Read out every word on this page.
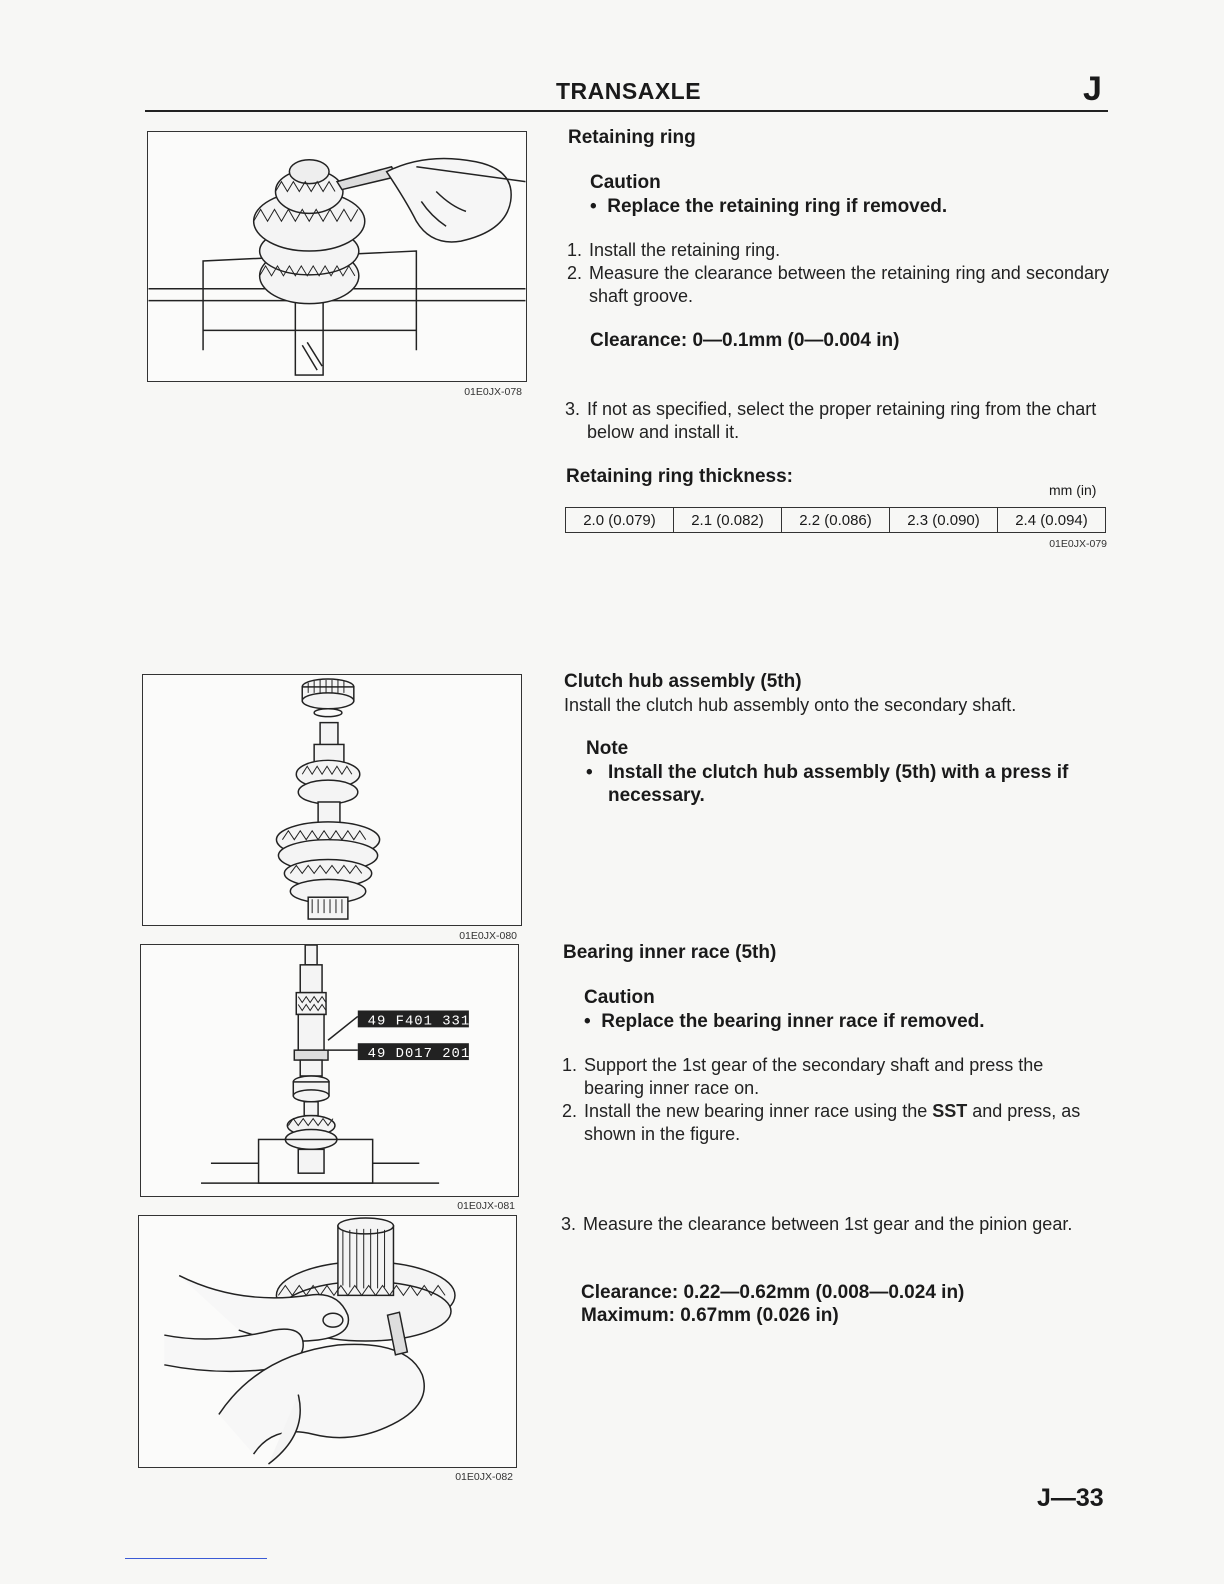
TRANSAXLE	J
01E0JX-078
Retaining ring
Caution
•  Replace the retaining ring if removed.
1. Install the retaining ring.
2. Measure the clearance between the retaining ring and secondary shaft groove.
Clearance: 0—0.1mm (0—0.004 in)
3. If not as specified, select the proper retaining ring from the chart below and install it.
Retaining ring thickness:
mm (in)
2.0 (0.079)	2.1 (0.082)	2.2 (0.086)	2.3 (0.090)	2.4 (0.094)
01E0JX-079
01E0JX-080
Clutch hub assembly (5th)
Install the clutch hub assembly onto the secondary shaft.
Note
• Install the clutch hub assembly (5th) with a press if necessary.
49 F401 331
49 D017 201
01E0JX-081
01E0JX-082
Bearing inner race (5th)
Caution
•  Replace the bearing inner race if removed.
1. Support the 1st gear of the secondary shaft and press the bearing inner race on.
2. Install the new bearing inner race using the SST and press, as shown in the figure.
3. Measure the clearance between 1st gear and the pinion gear.
Clearance: 0.22—0.62mm (0.008—0.024 in)
Maximum: 0.67mm (0.026 in)
J—33
